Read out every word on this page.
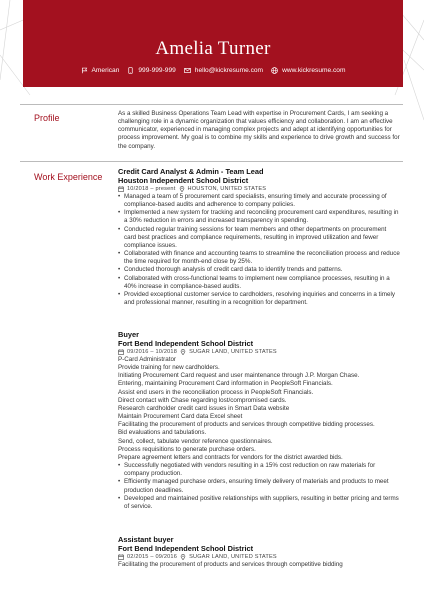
Amelia Turner
American	999-999-999	hello@kickresume.com	www.kickresume.com
Profile	As a skilled Business Operations Team Lead with expertise in Procurement Cards, I am seeking a challenging role in a dynamic organization that values efficiency and collaboration. I am an effective communicator, experienced in managing complex projects and adept at identifying opportunities for process improvement. My goal is to combine my skills and experience to drive growth and success for the company.
Work Experience
Credit Card Analyst & Admin - Team Lead
Houston Independent School District
10/2018 – present HOUSTON, UNITED STATES
• Managed a team of 5 procurement card specialists, ensuring timely and accurate processing of compliance-based audits and adherence to company policies.
• Implemented a new system for tracking and reconciling procurement card expenditures, resulting in a 30% reduction in errors and increased transparency in spending.
• Conducted regular training sessions for team members and other departments on procurement card best practices and compliance requirements, resulting in improved utilization and fewer compliance issues.
• Collaborated with finance and accounting teams to streamline the reconciliation process and reduce the time required for month-end close by 25%.
• Conducted thorough analysis of credit card data to identify trends and patterns.
• Collaborated with cross-functional teams to implement new compliance processes, resulting in a 40% increase in compliance-based audits.
• Provided exceptional customer service to cardholders, resolving inquiries and concerns in a timely and professional manner, resulting in a recognition for department.
Buyer
Fort Bend Independent School District
09/2016 – 10/2018 SUGAR LAND, UNITED STATES
P-Card Administrator
Provide training for new cardholders.
Initiating Procurement Card request and user maintenance through J.P. Morgan Chase.
Entering, maintaining Procurement Card information in PeopleSoft Financials.
Assist end users in the reconciliation process in PeopleSoft Financials.
Direct contact with Chase regarding lost/compromised cards.
Research cardholder credit card issues in Smart Data website
Maintain Procurement Card data Excel sheet
Facilitating the procurement of products and services through competitive bidding processes.
Bid evaluations and tabulations.
Send, collect, tabulate vendor reference questionnaires.
Process requisitions to generate purchase orders.
Prepare agreement letters and contracts for vendors for the district awarded bids.
• Successfully negotiated with vendors resulting in a 15% cost reduction on raw materials for company production.
• Efficiently managed purchase orders, ensuring timely delivery of materials and products to meet production deadlines.
• Developed and maintained positive relationships with suppliers, resulting in better pricing and terms of service.
Assistant buyer
Fort Bend Independent School District
02/2015 – 09/2016 SUGAR LAND, UNITED STATES
Facilitating the procurement of products and services through competitive bidding
